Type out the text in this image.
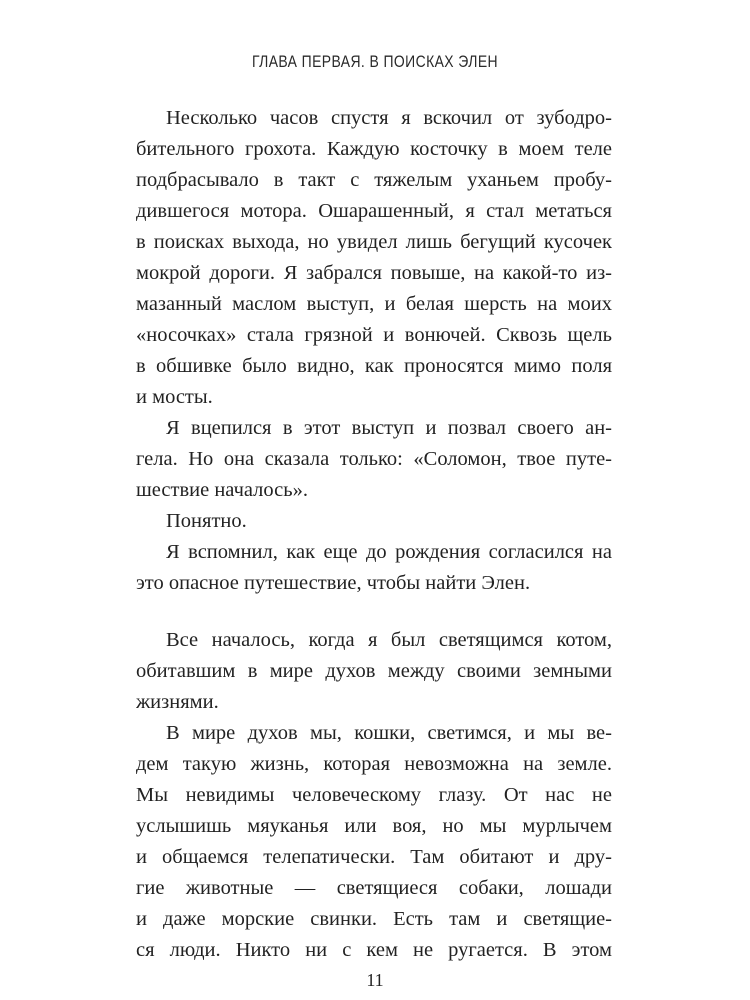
ГЛАВА ПЕРВАЯ. В ПОИСКАХ ЭЛЕН
Несколько часов спустя я вскочил от зубодро-
бительного грохота. Каждую косточку в моем теле
подбрасывало в такт с тяжелым уханьем пробу-
дившегося мотора. Ошарашенный, я стал метаться
в поисках выхода, но увидел лишь бегущий кусочек
мокрой дороги. Я забрался повыше, на какой-то из-
мазанный маслом выступ, и белая шерсть на моих
«носочках» стала грязной и вонючей. Сквозь щель
в обшивке было видно, как проносятся мимо поля
и мосты.
Я вцепился в этот выступ и позвал своего ан-
гела. Но она сказала только: «Соломон, твое путе-
шествие началось».
Понятно.
Я вспомнил, как еще до рождения согласился на
это опасное путешествие, чтобы найти Элен.
Все началось, когда я был светящимся котом,
обитавшим в мире духов между своими земными
жизнями.
В мире духов мы, кошки, светимся, и мы ве-
дем такую жизнь, которая невозможна на земле.
Мы невидимы человеческому глазу. От нас не
услышишь мяуканья или воя, но мы мурлычем
и общаемся телепатически. Там обитают и дру-
гие животные — светящиеся собаки, лошади
и даже морские свинки. Есть там и светящие-
ся люди. Никто ни с кем не ругается. В этом
11
